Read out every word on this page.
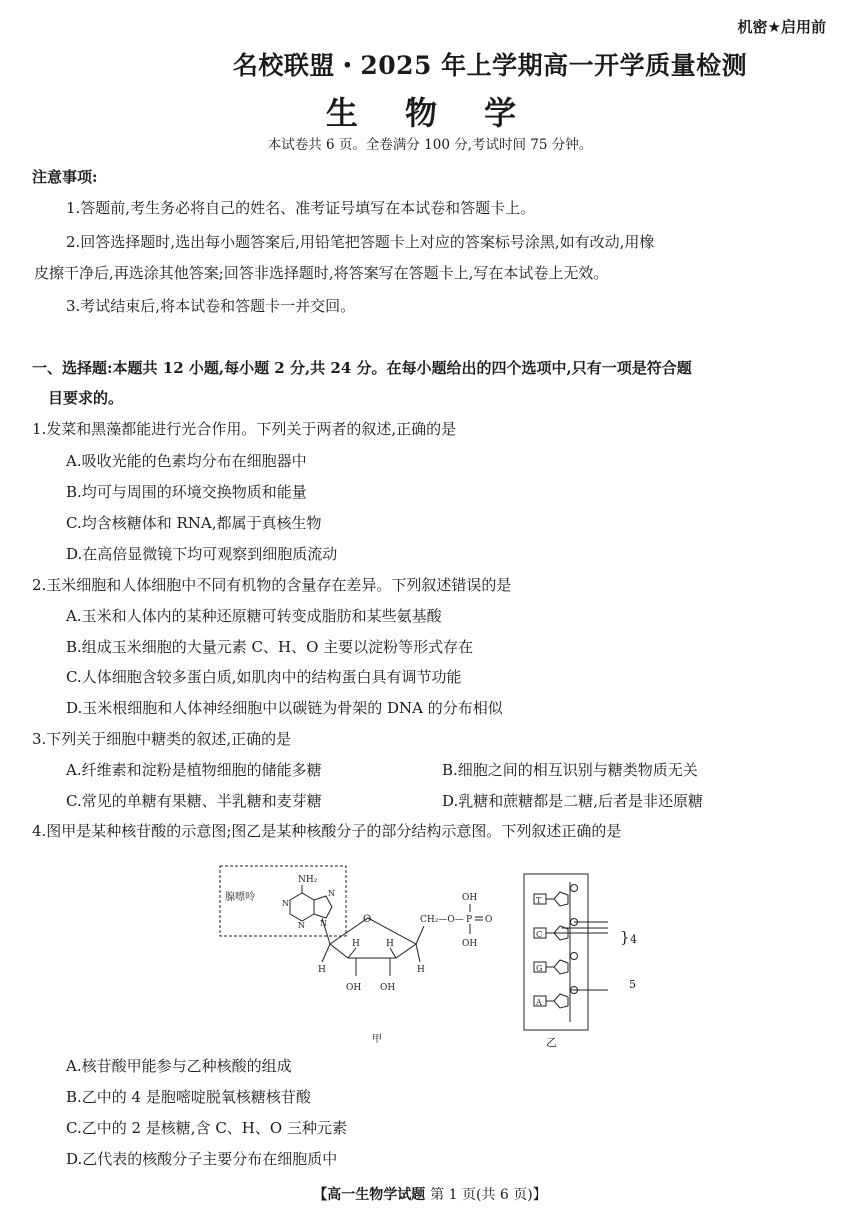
机密★启用前
名校联盟・2025 年上学期高一开学质量检测
生 物 学
本试卷共 6 页。全卷满分 100 分,考试时间 75 分钟。
注意事项:
1.答题前,考生务必将自己的姓名、准考证号填写在本试卷和答题卡上。
2.回答选择题时,选出每小题答案后,用铅笔把答题卡上对应的答案标号涂黑,如有改动,用橡
皮擦干净后,再选涂其他答案;回答非选择题时,将答案写在答题卡上,写在本试卷上无效。
3.考试结束后,将本试卷和答题卡一并交回。
一、选择题:本题共 12 小题,每小题 2 分,共 24 分。在每小题给出的四个选项中,只有一项是符合题
目要求的。
1.发菜和黑藻都能进行光合作用。下列关于两者的叙述,正确的是
A.吸收光能的色素均分布在细胞器中
B.均可与周围的环境交换物质和能量
C.均含核糖体和 RNA,都属于真核生物
D.在高倍显微镜下均可观察到细胞质流动
2.玉米细胞和人体细胞中不同有机物的含量存在差异。下列叙述错误的是
A.玉米和人体内的某种还原糖可转变成脂肪和某些氨基酸
B.组成玉米细胞的大量元素 C、H、O 主要以淀粉等形式存在
C.人体细胞含较多蛋白质,如肌肉中的结构蛋白具有调节功能
D.玉米根细胞和人体神经细胞中以碳链为骨架的 DNA 的分布相似
3.下列关于细胞中糖类的叙述,正确的是
A.纤维素和淀粉是植物细胞的储能多糖	B.细胞之间的相互识别与糖类物质无关
C.常见的单糖有果糖、半乳糖和麦芽糖	D.乳糖和蔗糖都是二糖,后者是非还原糖
4.图甲是某种核苷酸的示意图;图乙是某种核酸分子的部分结构示意图。下列叙述正确的是
腺嘌呤
NH₂
N
N
N
N	O
H	H
H	H
OH OH
CH₂—O— P
OH
OH
O
甲
T
C
G
A
} 4
5
乙
A.核苷酸甲能参与乙种核酸的组成
B.乙中的 4 是胞嘧啶脱氧核糖核苷酸
C.乙中的 2 是核糖,含 C、H、O 三种元素
D.乙代表的核酸分子主要分布在细胞质中
【高一生物学试题 第 1 页(共 6 页)】
